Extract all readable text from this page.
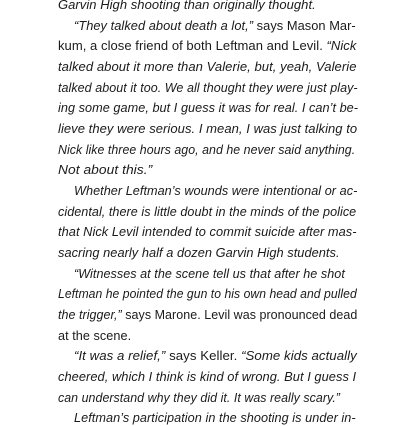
Garvin High shooting than originally thought.
“They talked about death a lot,” says Mason Mar-
kum, a close friend of both Leftman and Levil. “Nick
talked about it more than Valerie, but, yeah, Valerie
talked about it too. We all thought they were just play-
ing some game, but I guess it was for real. I can’t be-
lieve they were serious. I mean, I was just talking to
Nick like three hours ago, and he never said anything.
Not about this.”
Whether Leftman’s wounds were intentional or ac-
cidental, there is little doubt in the minds of the police
that Nick Levil intended to commit suicide after mas-
sacring nearly half a dozen Garvin High students.
“Witnesses at the scene tell us that after he shot
Leftman he pointed the gun to his own head and pulled
the trigger,” says Marone. Levil was pronounced dead
at the scene.
“It was a relief,” says Keller. “Some kids actually
cheered, which I think is kind of wrong. But I guess I
can understand why they did it. It was really scary.”
Leftman’s participation in the shooting is under in-
